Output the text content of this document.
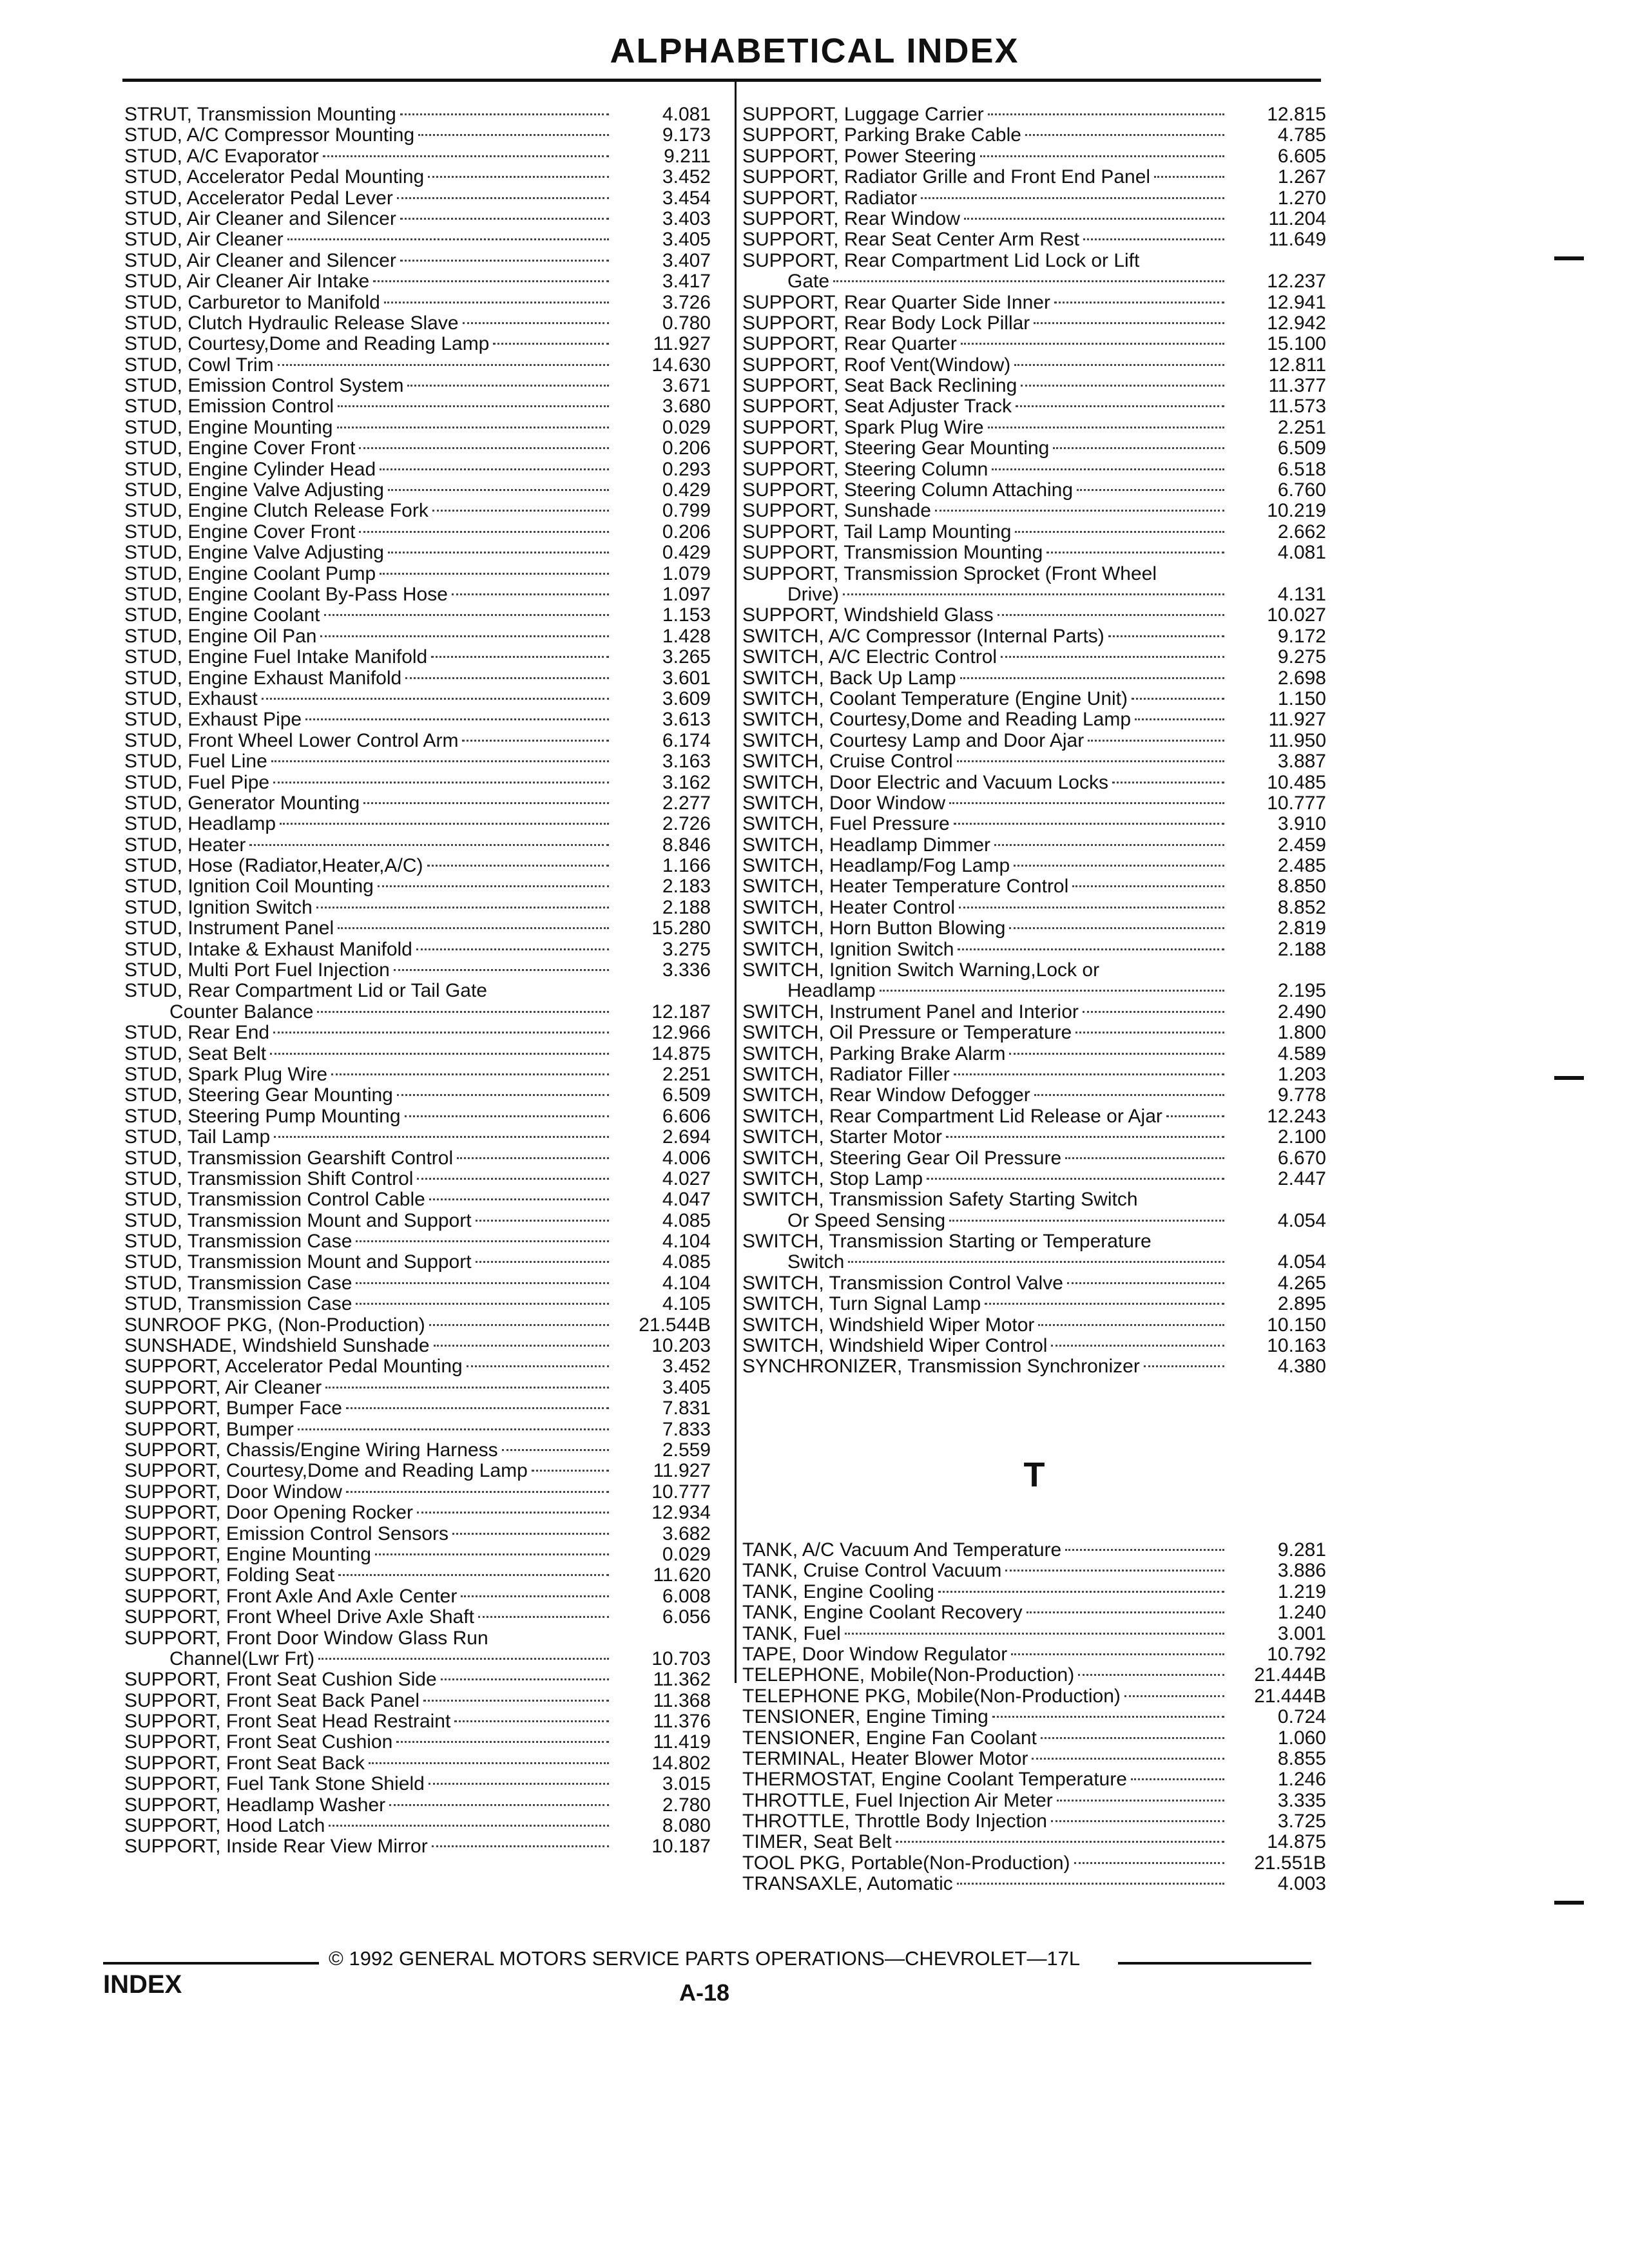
ALPHABETICAL INDEX
STRUT, Transmission Mounting	4.081
STUD, A/C Compressor Mounting	9.173
STUD, A/C Evaporator	9.211
STUD, Accelerator Pedal Mounting	3.452
STUD, Accelerator Pedal Lever	3.454
STUD, Air Cleaner and Silencer	3.403
STUD, Air Cleaner	3.405
STUD, Air Cleaner and Silencer	3.407
STUD, Air Cleaner Air Intake	3.417
STUD, Carburetor to Manifold	3.726
STUD, Clutch Hydraulic Release Slave	0.780
STUD, Courtesy,Dome and Reading Lamp	11.927
STUD, Cowl Trim	14.630
STUD, Emission Control System	3.671
STUD, Emission Control	3.680
STUD, Engine Mounting	0.029
STUD, Engine Cover Front	0.206
STUD, Engine Cylinder Head	0.293
STUD, Engine Valve Adjusting	0.429
STUD, Engine Clutch Release Fork	0.799
STUD, Engine Cover Front	0.206
STUD, Engine Valve Adjusting	0.429
STUD, Engine Coolant Pump	1.079
STUD, Engine Coolant By-Pass Hose	1.097
STUD, Engine Coolant	1.153
STUD, Engine Oil Pan	1.428
STUD, Engine Fuel Intake Manifold	3.265
STUD, Engine Exhaust Manifold	3.601
STUD, Exhaust	3.609
STUD, Exhaust Pipe	3.613
STUD, Front Wheel Lower Control Arm	6.174
STUD, Fuel Line	3.163
STUD, Fuel Pipe	3.162
STUD, Generator Mounting	2.277
STUD, Headlamp	2.726
STUD, Heater	8.846
STUD, Hose (Radiator,Heater,A/C)	1.166
STUD, Ignition Coil Mounting	2.183
STUD, Ignition Switch	2.188
STUD, Instrument Panel	15.280
STUD, Intake & Exhaust Manifold	3.275
STUD, Multi Port Fuel Injection	3.336
STUD, Rear Compartment Lid or Tail Gate
Counter Balance	12.187
STUD, Rear End	12.966
STUD, Seat Belt	14.875
STUD, Spark Plug Wire	2.251
STUD, Steering Gear Mounting	6.509
STUD, Steering Pump Mounting	6.606
STUD, Tail Lamp	2.694
STUD, Transmission Gearshift Control	4.006
STUD, Transmission Shift Control	4.027
STUD, Transmission Control Cable	4.047
STUD, Transmission Mount and Support	4.085
STUD, Transmission Case	4.104
STUD, Transmission Mount and Support	4.085
STUD, Transmission Case	4.104
STUD, Transmission Case	4.105
SUNROOF PKG, (Non-Production)	21.544B
SUNSHADE, Windshield Sunshade	10.203
SUPPORT, Accelerator Pedal Mounting	3.452
SUPPORT, Air Cleaner	3.405
SUPPORT, Bumper Face	7.831
SUPPORT, Bumper	7.833
SUPPORT, Chassis/Engine Wiring Harness	2.559
SUPPORT, Courtesy,Dome and Reading Lamp	11.927
SUPPORT, Door Window	10.777
SUPPORT, Door Opening Rocker	12.934
SUPPORT, Emission Control Sensors	3.682
SUPPORT, Engine Mounting	0.029
SUPPORT, Folding Seat	11.620
SUPPORT, Front Axle And Axle Center	6.008
SUPPORT, Front Wheel Drive Axle Shaft	6.056
SUPPORT, Front Door Window Glass Run
Channel(Lwr Frt)	10.703
SUPPORT, Front Seat Cushion Side	11.362
SUPPORT, Front Seat Back Panel	11.368
SUPPORT, Front Seat Head Restraint	11.376
SUPPORT, Front Seat Cushion	11.419
SUPPORT, Front Seat Back	14.802
SUPPORT, Fuel Tank Stone Shield	3.015
SUPPORT, Headlamp Washer	2.780
SUPPORT, Hood Latch	8.080
SUPPORT, Inside Rear View Mirror	10.187
SUPPORT, Luggage Carrier	12.815
SUPPORT, Parking Brake Cable	4.785
SUPPORT, Power Steering	6.605
SUPPORT, Radiator Grille and Front End Panel	1.267
SUPPORT, Radiator	1.270
SUPPORT, Rear Window	11.204
SUPPORT, Rear Seat Center Arm Rest	11.649
SUPPORT, Rear Compartment Lid Lock or Lift
Gate	12.237
SUPPORT, Rear Quarter Side Inner	12.941
SUPPORT, Rear Body Lock Pillar	12.942
SUPPORT, Rear Quarter	15.100
SUPPORT, Roof Vent(Window)	12.811
SUPPORT, Seat Back Reclining	11.377
SUPPORT, Seat Adjuster Track	11.573
SUPPORT, Spark Plug Wire	2.251
SUPPORT, Steering Gear Mounting	6.509
SUPPORT, Steering Column	6.518
SUPPORT, Steering Column Attaching	6.760
SUPPORT, Sunshade	10.219
SUPPORT, Tail Lamp Mounting	2.662
SUPPORT, Transmission Mounting	4.081
SUPPORT, Transmission Sprocket (Front Wheel
Drive)	4.131
SUPPORT, Windshield Glass	10.027
SWITCH, A/C Compressor (Internal Parts)	9.172
SWITCH, A/C Electric Control	9.275
SWITCH, Back Up Lamp	2.698
SWITCH, Coolant Temperature (Engine Unit)	1.150
SWITCH, Courtesy,Dome and Reading Lamp	11.927
SWITCH, Courtesy Lamp and Door Ajar	11.950
SWITCH, Cruise Control	3.887
SWITCH, Door Electric and Vacuum Locks	10.485
SWITCH, Door Window	10.777
SWITCH, Fuel Pressure	3.910
SWITCH, Headlamp Dimmer	2.459
SWITCH, Headlamp/Fog Lamp	2.485
SWITCH, Heater Temperature Control	8.850
SWITCH, Heater Control	8.852
SWITCH, Horn Button Blowing	2.819
SWITCH, Ignition Switch	2.188
SWITCH, Ignition Switch Warning,Lock or
Headlamp	2.195
SWITCH, Instrument Panel and Interior	2.490
SWITCH, Oil Pressure or Temperature	1.800
SWITCH, Parking Brake Alarm	4.589
SWITCH, Radiator Filler	1.203
SWITCH, Rear Window Defogger	9.778
SWITCH, Rear Compartment Lid Release or Ajar	12.243
SWITCH, Starter Motor	2.100
SWITCH, Steering Gear Oil Pressure	6.670
SWITCH, Stop Lamp	2.447
SWITCH, Transmission Safety Starting Switch
Or Speed Sensing	4.054
SWITCH, Transmission Starting or Temperature
Switch	4.054
SWITCH, Transmission Control Valve	4.265
SWITCH, Turn Signal Lamp	2.895
SWITCH, Windshield Wiper Motor	10.150
SWITCH, Windshield Wiper Control	10.163
SYNCHRONIZER, Transmission Synchronizer	4.380
T
TANK, A/C Vacuum And Temperature	9.281
TANK, Cruise Control Vacuum	3.886
TANK, Engine Cooling	1.219
TANK, Engine Coolant Recovery	1.240
TANK, Fuel	3.001
TAPE, Door Window Regulator	10.792
TELEPHONE, Mobile(Non-Production)	21.444B
TELEPHONE PKG, Mobile(Non-Production)	21.444B
TENSIONER, Engine Timing	0.724
TENSIONER, Engine Fan Coolant	1.060
TERMINAL, Heater Blower Motor	8.855
THERMOSTAT, Engine Coolant Temperature	1.246
THROTTLE, Fuel Injection Air Meter	3.335
THROTTLE, Throttle Body Injection	3.725
TIMER, Seat Belt	14.875
TOOL PKG, Portable(Non-Production)	21.551B
TRANSAXLE, Automatic	4.003
© 1992 GENERAL MOTORS SERVICE PARTS OPERATIONS—CHEVROLET—17L
INDEX	A-18
